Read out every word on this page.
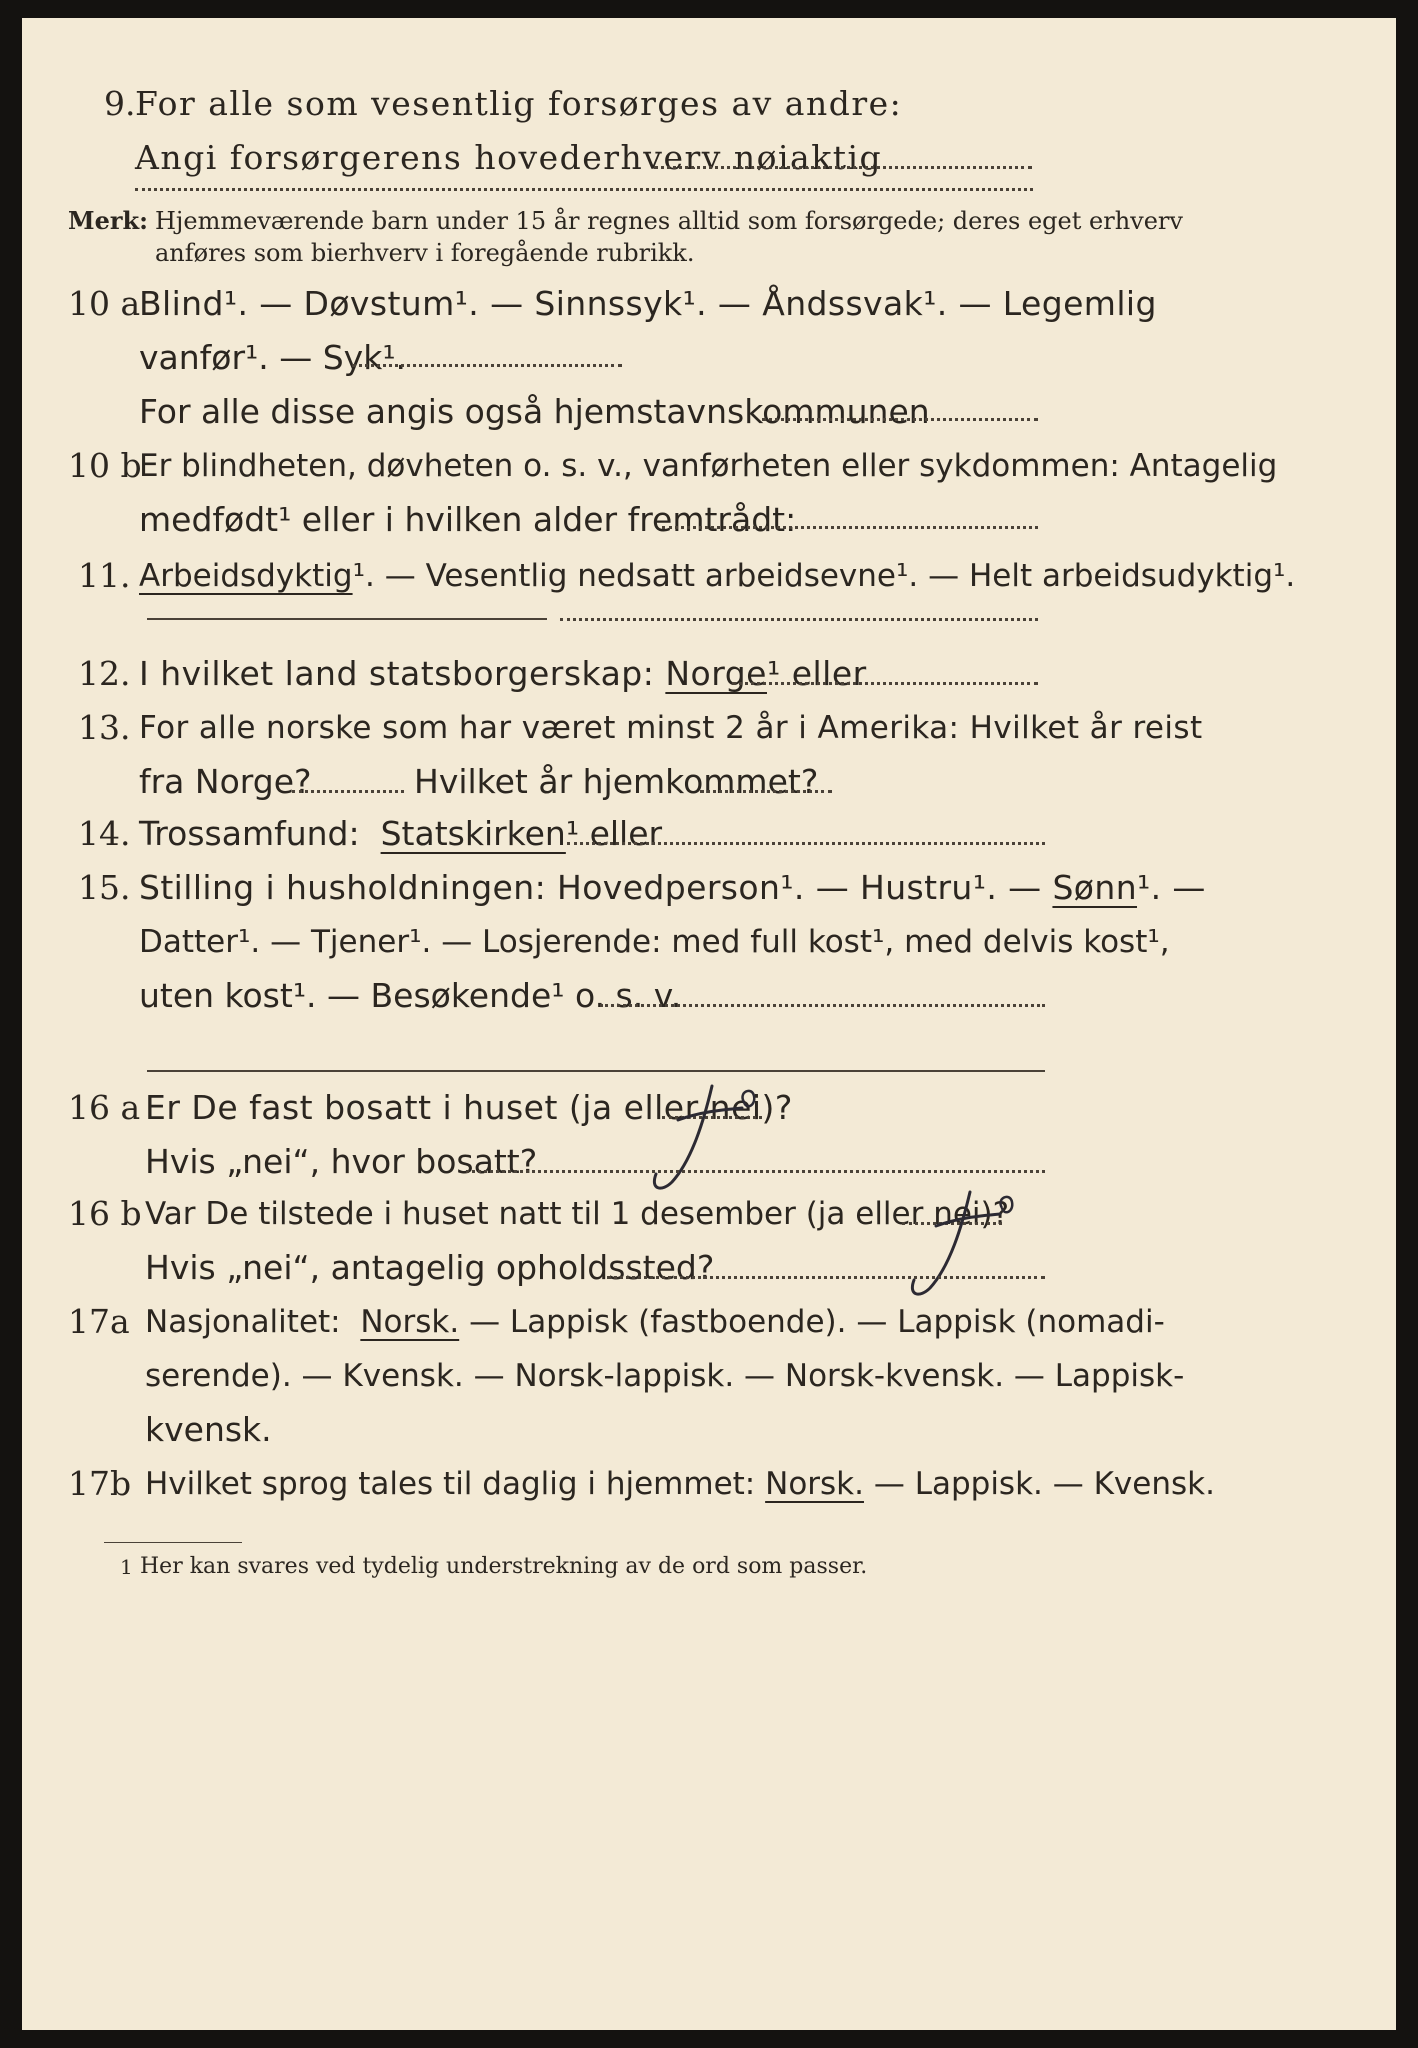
9. For alle som vesentlig forsørges av andre:
Angi forsørgerens hovederhverv nøiaktig
Merk: Hjemmeværende barn under 15 år regnes alltid som forsørgede; deres eget erhverv
anføres som bierhverv i foregående rubrikk.
10 a
Blind¹. — Døvstum¹. — Sinnssyk¹. — Åndssvak¹. — Legemlig
vanfør¹. — Syk¹.
For alle disse angis også hjemstavnskommunen
10 b
Er blindheten, døvheten o. s. v., vanførheten eller sykdommen: Antagelig
medfødt¹ eller i hvilken alder fremtrådt:
11. Arbeidsdyktig¹. — Vesentlig nedsatt arbeidsevne¹. — Helt arbeidsudyktig¹.
12. I hvilket land statsborgerskap: Norge¹ eller
13. For alle norske som har været minst 2 år i Amerika: Hvilket år reist
fra Norge?	Hvilket år hjemkommet?
14. Trossamfund: Statskirken¹ eller
15. Stilling i husholdningen: Hovedperson¹. — Hustru¹. — Sønn¹. —
Datter¹. — Tjener¹. — Losjerende: med full kost¹, med delvis kost¹,
uten kost¹. — Besøkende¹ o. s. v.
16 a Er De fast bosatt i huset (ja eller nei)?
Hvis „nei“, hvor bosatt?
16 b Var De tilstede i huset natt til 1 desember (ja eller nei)?
Hvis „nei“, antagelig opholdssted?
17a Nasjonalitet: Norsk. — Lappisk (fastboende). — Lappisk (nomadi-
serende). — Kvensk. — Norsk-lappisk. — Norsk-kvensk. — Lappisk-
kvensk.
17b Hvilket sprog tales til daglig i hjemmet: Norsk. — Lappisk. — Kvensk.
1 Her kan svares ved tydelig understrekning av de ord som passer.
